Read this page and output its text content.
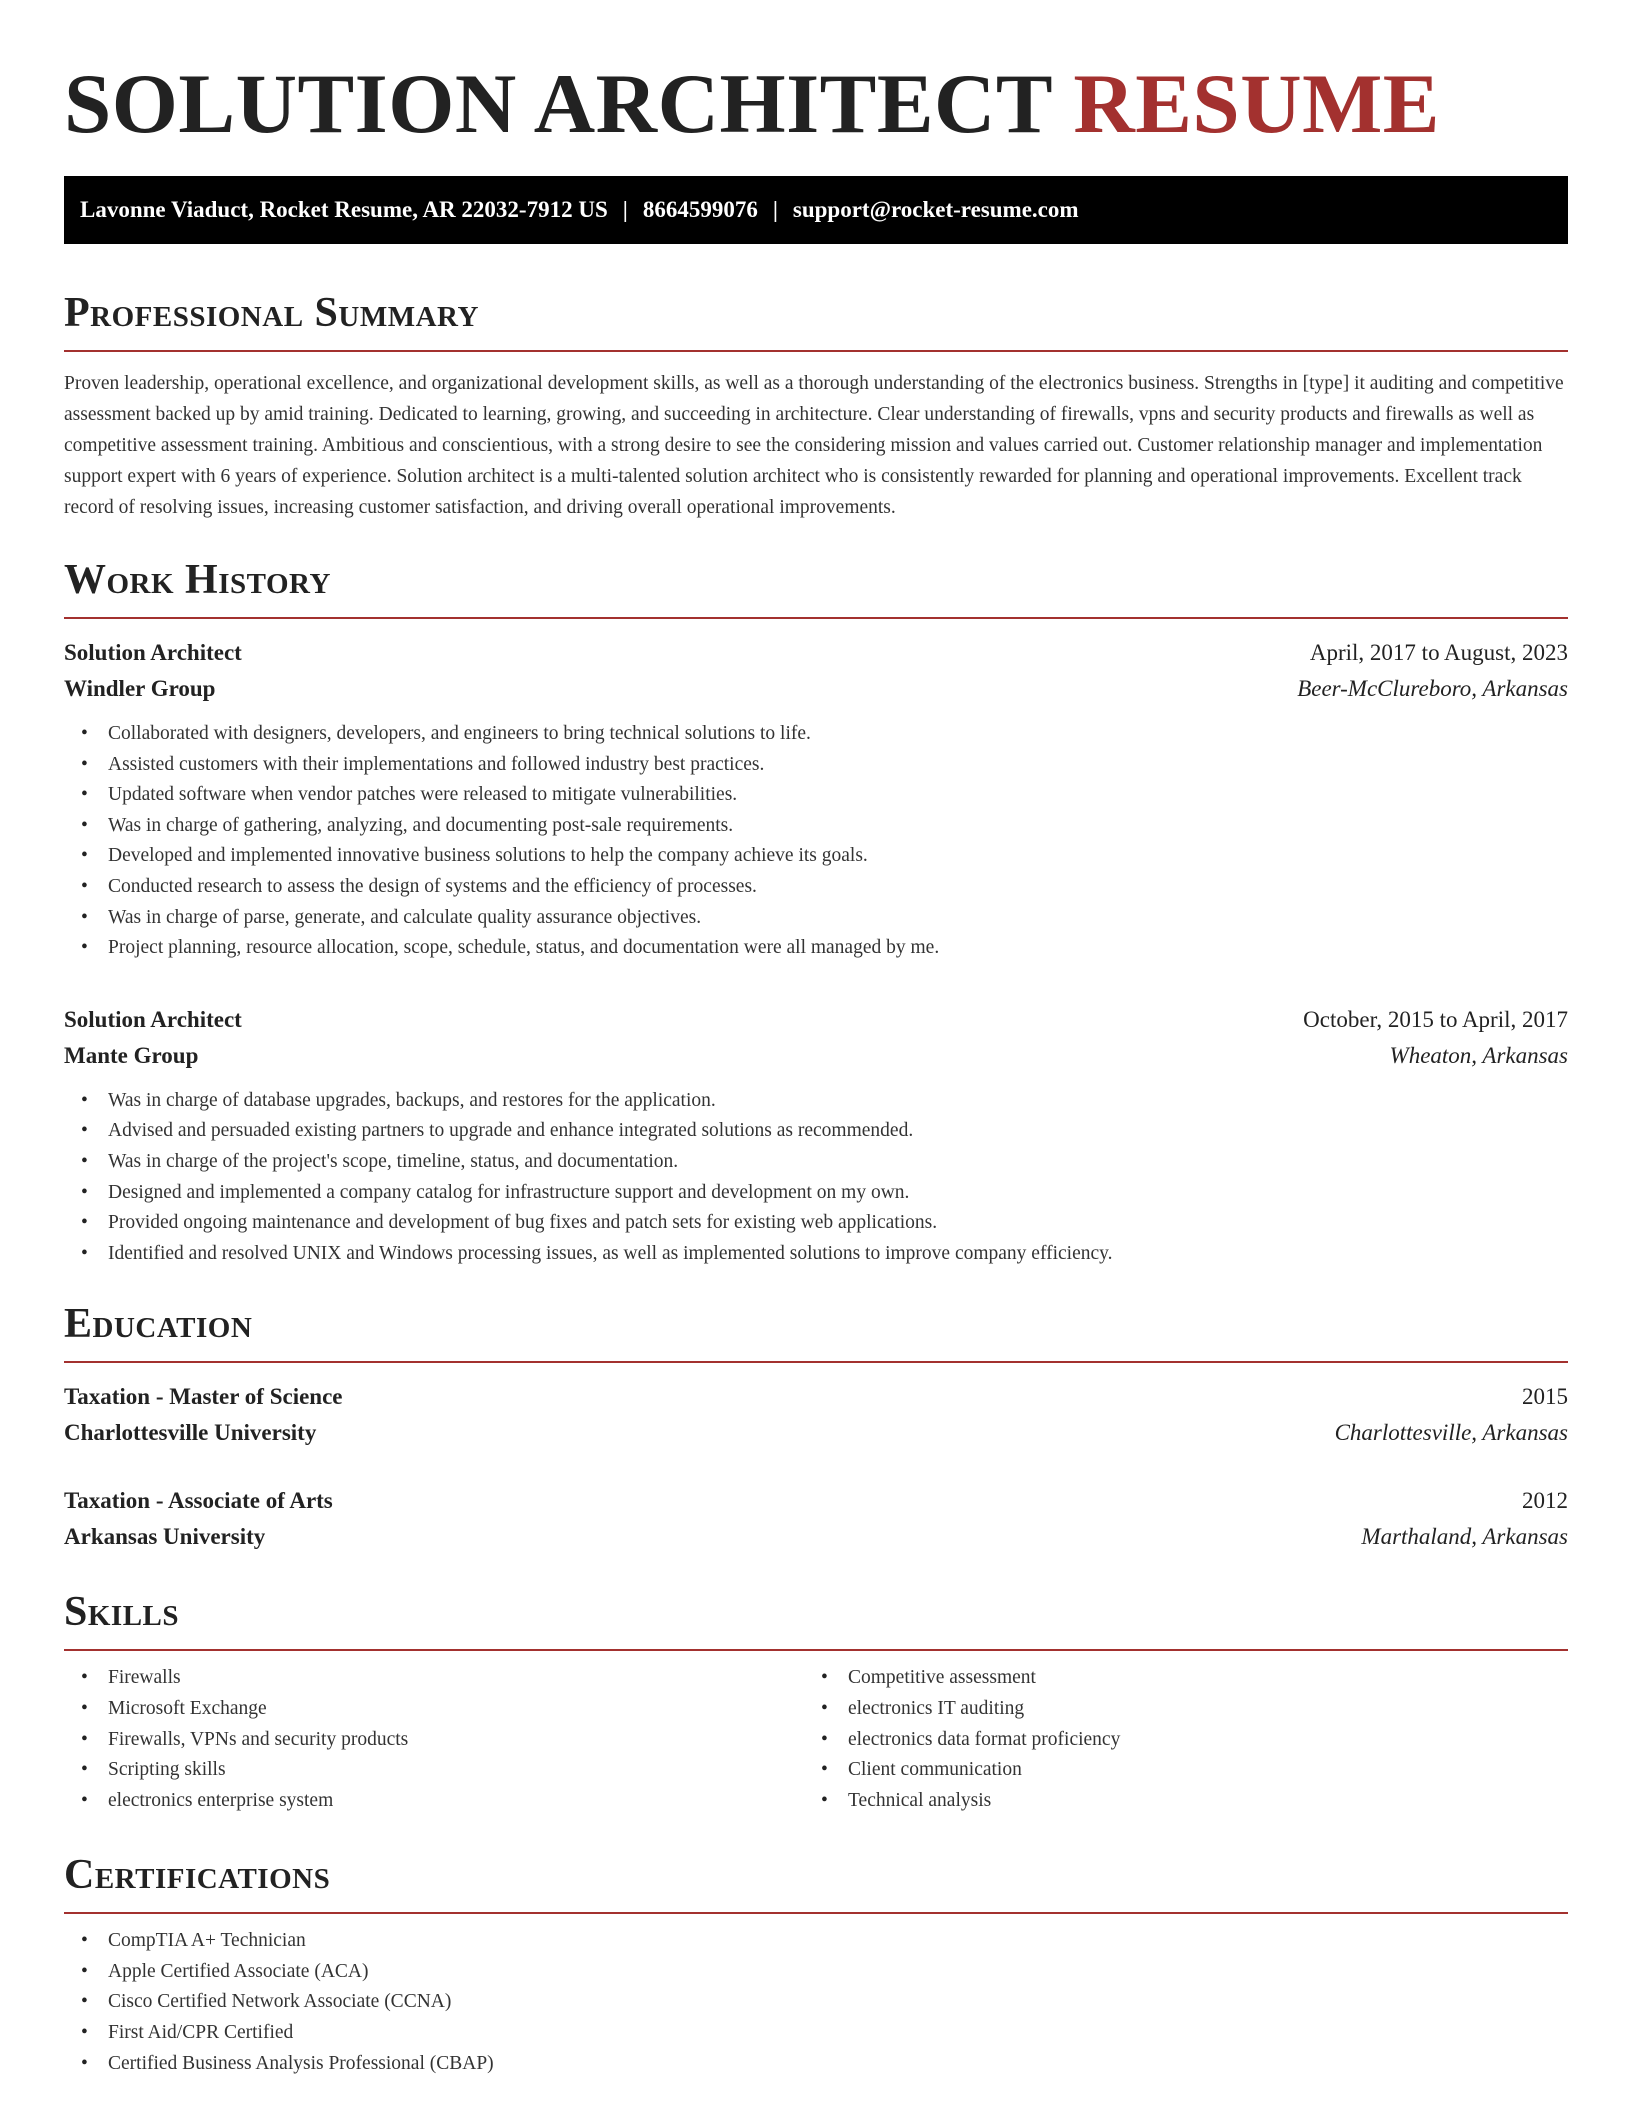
SOLUTION ARCHITECT RESUME
Lavonne Viaduct, Rocket Resume, AR 22032-7912 US | 8664599076 | support@rocket-resume.com
Professional Summary

Proven leadership, operational excellence, and organizational development skills, as well as a thorough understanding of the electronics business. Strengths in [type] it auditing and competitive assessment backed up by amid training. Dedicated to learning, growing, and succeeding in architecture. Clear understanding of firewalls, vpns and security products and firewalls as well as competitive assessment training. Ambitious and conscientious, with a strong desire to see the considering mission and values carried out. Customer relationship manager and implementation support expert with 6 years of experience. Solution architect is a multi-talented solution architect who is consistently rewarded for planning and operational improvements. Excellent track record of resolving issues, increasing customer satisfaction, and driving overall operational improvements.

Work History
Solution Architect	April, 2017 to August, 2023
Windler Group	Beer-McClureboro, Arkansas
• Collaborated with designers, developers, and engineers to bring technical solutions to life.
• Assisted customers with their implementations and followed industry best practices.
• Updated software when vendor patches were released to mitigate vulnerabilities.
• Was in charge of gathering, analyzing, and documenting post-sale requirements.
• Developed and implemented innovative business solutions to help the company achieve its goals.
• Conducted research to assess the design of systems and the efficiency of processes.
• Was in charge of parse, generate, and calculate quality assurance objectives.
• Project planning, resource allocation, scope, schedule, status, and documentation were all managed by me.
Solution Architect	October, 2015 to April, 2017
Mante Group	Wheaton, Arkansas
• Was in charge of database upgrades, backups, and restores for the application.
• Advised and persuaded existing partners to upgrade and enhance integrated solutions as recommended.
• Was in charge of the project's scope, timeline, status, and documentation.
• Designed and implemented a company catalog for infrastructure support and development on my own.
• Provided ongoing maintenance and development of bug fixes and patch sets for existing web applications.
• Identified and resolved UNIX and Windows processing issues, as well as implemented solutions to improve company efficiency.
Education
Taxation - Master of Science	2015
Charlottesville University	Charlottesville, Arkansas
Taxation - Associate of Arts	2012
Arkansas University	Marthaland, Arkansas
Skills
• Firewalls
• Microsoft Exchange
• Firewalls, VPNs and security products
• Scripting skills
• electronics enterprise system
• Competitive assessment
• electronics IT auditing
• electronics data format proficiency
• Client communication
• Technical analysis
Certifications
• CompTIA A+ Technician
• Apple Certified Associate (ACA)
• Cisco Certified Network Associate (CCNA)
• First Aid/CPR Certified
• Certified Business Analysis Professional (CBAP)
